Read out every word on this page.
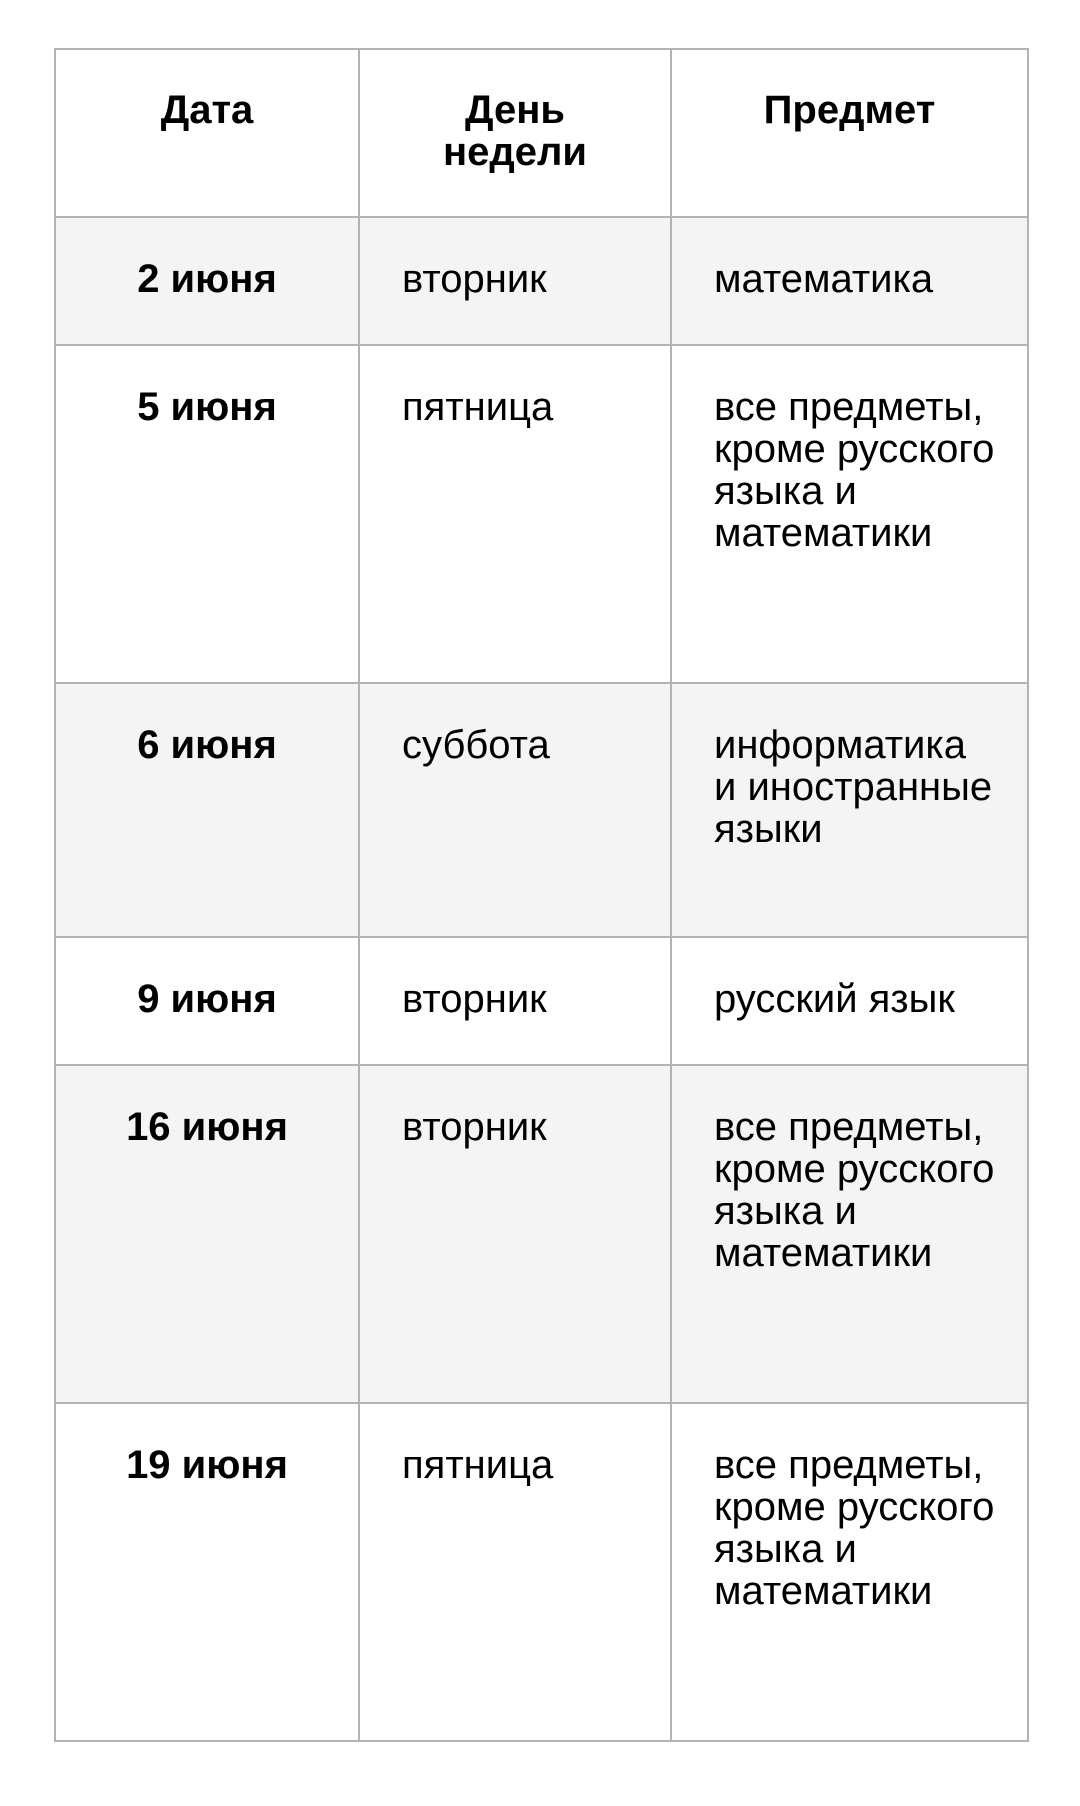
Дата	День недели	Предмет
2 июня	вторник	математика
5 июня	пятница	все предметы, кроме русского языка и математики
6 июня	суббота	информатика и иностранные языки
9 июня	вторник	русский язык
16 июня	вторник	все предметы, кроме русского языка и математики
19 июня	пятница	все предметы, кроме русского языка и математики
